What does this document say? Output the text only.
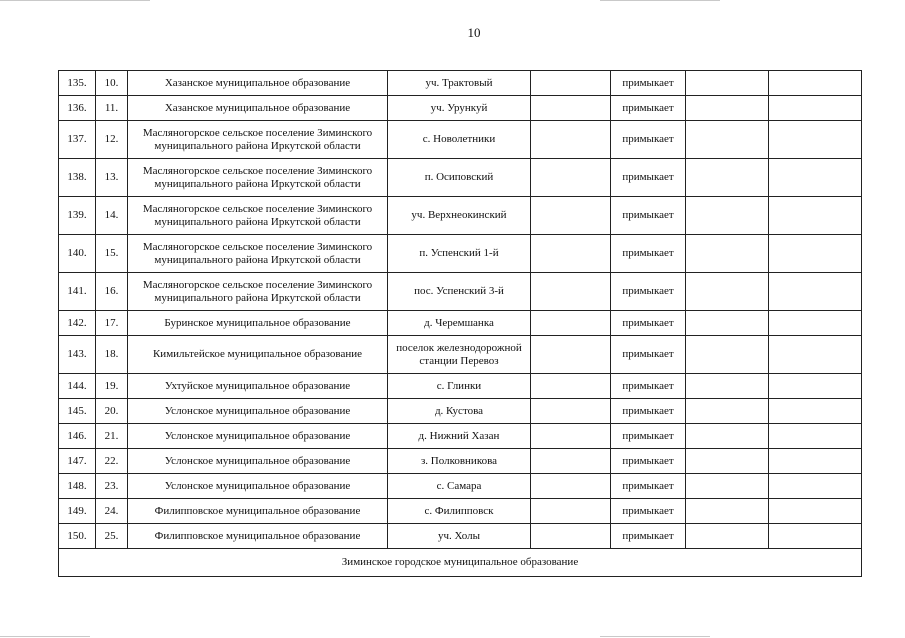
10
135.	10.	Хазанское муниципальное образование	уч. Трактовый		примыкает		
136.	11.	Хазанское муниципальное образование	уч. Урункуй		примыкает		
137.	12.	Масляногорское сельское поселение Зиминского муниципального района Иркутской области	с. Новолетники		примыкает		
138.	13.	Масляногорское сельское поселение Зиминского муниципального района Иркутской области	п. Осиповский		примыкает		
139.	14.	Масляногорское сельское поселение Зиминского муниципального района Иркутской области	уч. Верхнеокинский		примыкает		
140.	15.	Масляногорское сельское поселение Зиминского муниципального района Иркутской области	п. Успенский 1-й		примыкает		
141.	16.	Масляногорское сельское поселение Зиминского муниципального района Иркутской области	пос. Успенский 3-й		примыкает		
142.	17.	Буринское муниципальное образование	д. Черемшанка		примыкает		
143.	18.	Кимильтейское муниципальное образование	поселок железнодорожной станции Перевоз		примыкает		
144.	19.	Ухтуйское муниципальное образование	с. Глинки		примыкает		
145.	20.	Услонское муниципальное образование	д. Кустова		примыкает		
146.	21.	Услонское муниципальное образование	д. Нижний Хазан		примыкает		
147.	22.	Услонское муниципальное образование	з. Полковникова		примыкает		
148.	23.	Услонское муниципальное образование	с. Самара		примыкает		
149.	24.	Филипповское муниципальное образование	с. Филипповск		примыкает		
150.	25.	Филипповское муниципальное образование	уч. Холы		примыкает		
Зиминское городское муниципальное образование							
